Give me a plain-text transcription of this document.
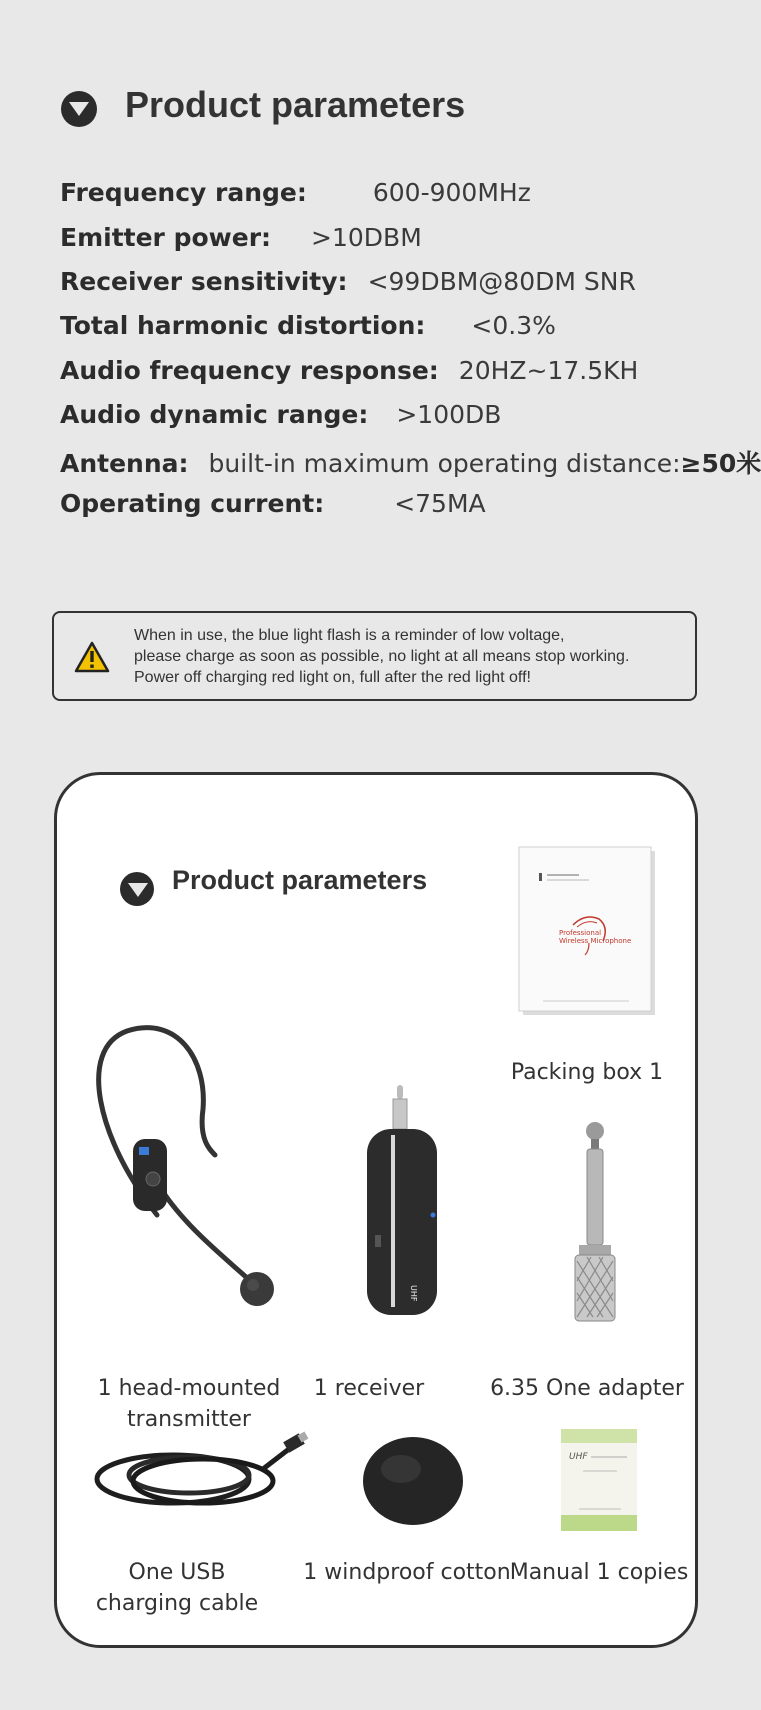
Product parameters
Frequency range:	600-900MHz
Emitter power: >10DBM
Receiver sensitivity: <99DBM@80DM SNR
Total harmonic distortion: <0.3%
Audio frequency response: 20HZ~17.5KH
Audio dynamic range: >100DB
Antenna: built-in maximum operating distance:≥50米
Operating current:	<75MA
When in use, the blue light flash is a reminder of low voltage,
please charge as soon as possible, no light at all means stop working.
Power off charging red light on, full after the red light off!
Product parameters
Professional
Wireless Microphone
Packing box 1
1 head-mounted
transmitter
UHF
1 receiver	6.35 One adapter
One USB
charging cable
1 windproof cotton
UHF
Manual 1 copies
